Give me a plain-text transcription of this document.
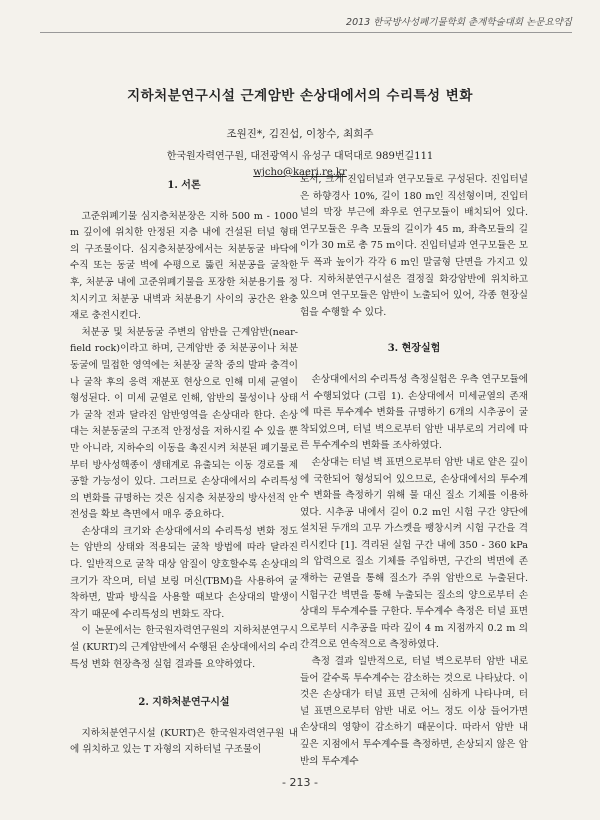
2013 한국방사성폐기물학회 춘계학술대회 논문요약집
지하처분연구시설 근계암반 손상대에서의 수리특성 변화
조원진*, 김진섭, 이창수, 최희주
한국원자력연구원, 대전광역시 유성구 대덕대로 989번길111
wjcho@kaeri.re.kr
1. 서론

고준위폐기물 심지층처분장은 지하 500 m - 1000 m 깊이에 위치한 안정된 지층 내에 건설된 터널 형태의 구조물이다. 심지층처분장에서는 처분동굴 바닥에 수직 또는 동굴 벽에 수평으로 뚫린 처분공을 굴착한 후, 처분공 내에 고준위폐기물을 포장한 처분용기를 정치시키고 처분공 내벽과 처분용기 사이의 공간은 완충재로 충전시킨다.

처분공 및 처분동굴 주변의 암반을 근계암반(near-field rock)이라고 하며, 근계암반 중 처분공이나 처분동굴에 밀접한 영역에는 처분장 굴착 중의 발파 충격이나 굴착 후의 응력 재분포 현상으로 인해 미세 균열이 형성된다. 이 미세 균열로 인해, 암반의 물성이나 상태가 굴착 전과 달라진 암반영역을 손상대라 한다. 손상대는 처분동굴의 구조적 안정성을 저하시킬 수 있을 뿐만 아니라, 지하수의 이동을 촉진시켜 처분된 폐기물로부터 방사성핵종이 생태계로 유출되는 이동 경로를 제공할 가능성이 있다. 그러므로 손상대에서의 수리특성의 변화를 규명하는 것은 심지층 처분장의 방사선적 안전성을 확보 측면에서 매우 중요하다.

손상대의 크기와 손상대에서의 수리특성 변화 정도는 암반의 상태와 적용되는 굴착 방법에 따라 달라진다. 일반적으로 굴착 대상 암질이 양호할수록 손상대의 크기가 작으며, 터널 보링 머신(TBM)을 사용하여 굴착하면, 발파 방식을 사용할 때보다 손상대의 발생이 작기 때문에 수리특성의 변화도 작다.

이 논문에서는 한국원자력연구원의 지하처분연구시설 (KURT)의 근계암반에서 수행된 손상대에서의 수리특성 변화 현장측정 실험 결과를 요약하였다.

2. 지하처분연구시설

지하처분연구시설 (KURT)은 한국원자력연구원 내에 위치하고 있는 T 자형의 지하터널 구조물이

로서, 크게 진입터널과 연구모듈로 구성된다. 진입터널은 하향경사 10%, 길이 180 m인 직선형이며, 진입터널의 막장 부근에 좌우로 연구모듈이 배치되어 있다. 연구모듈은 우측 모듈의 길이가 45 m, 좌측모듈의 길이가 30 m로 총 75 m이다. 진입터널과 연구모듈은 모두 폭과 높이가 각각 6 m인 말굽형 단면을 가지고 있다. 지하처분연구시설은 결정질 화강암반에 위치하고 있으며 연구모듈은 암반이 노출되어 있어, 각종 현장실험을 수행할 수 있다.

3. 현장실험

손상대에서의 수리특성 측정실험은 우측 연구모듈에서 수행되었다 (그림 1). 손상대에서 미세균열의 존재에 따른 투수계수 변화를 규명하기 6개의 시추공이 굴착되었으며, 터널 벽으로부터 암반 내부로의 거리에 따른 투수계수의 변화를 조사하였다.

손상대는 터널 벽 표면으로부터 암반 내로 얕은 깊이에 국한되어 형성되어 있으므로, 손상대에서의 투수계수 변화를 측정하기 위해 물 대신 질소 기체를 이용하였다. 시추공 내에서 길이 0.2 m인 시험 구간 양단에 설치된 두개의 고무 가스켓을 팽창시켜 시험 구간을 격리시킨다 [1]. 격리된 실험 구간 내에 350 - 360 kPa 의 압력으로 질소 기체를 주입하면, 구간의 벽면에 존재하는 균열을 통해 질소가 주위 암반으로 누출된다. 시험구간 벽면을 통해 누출되는 질소의 양으로부터 손상대의 투수계수를 구한다. 투수계수 측정은 터널 표면으로부터 시추공을 따라 깊이 4 m 지점까지 0.2 m 의 간격으로 연속적으로 측정하였다.

측정 결과 일반적으로, 터널 벽으로부터 암반 내로 들어 갈수록 투수계수는 감소하는 것으로 나타났다. 이것은 손상대가 터널 표면 근처에 심하게 나타나며, 터널 표면으로부터 암반 내로 어느 정도 이상 들어가면 손상대의 영향이 감소하기 때문이다. 따라서 암반 내 깊은 지점에서 투수계수를 측정하면, 손상되지 않은 암반의 투수계수

- 213 -
